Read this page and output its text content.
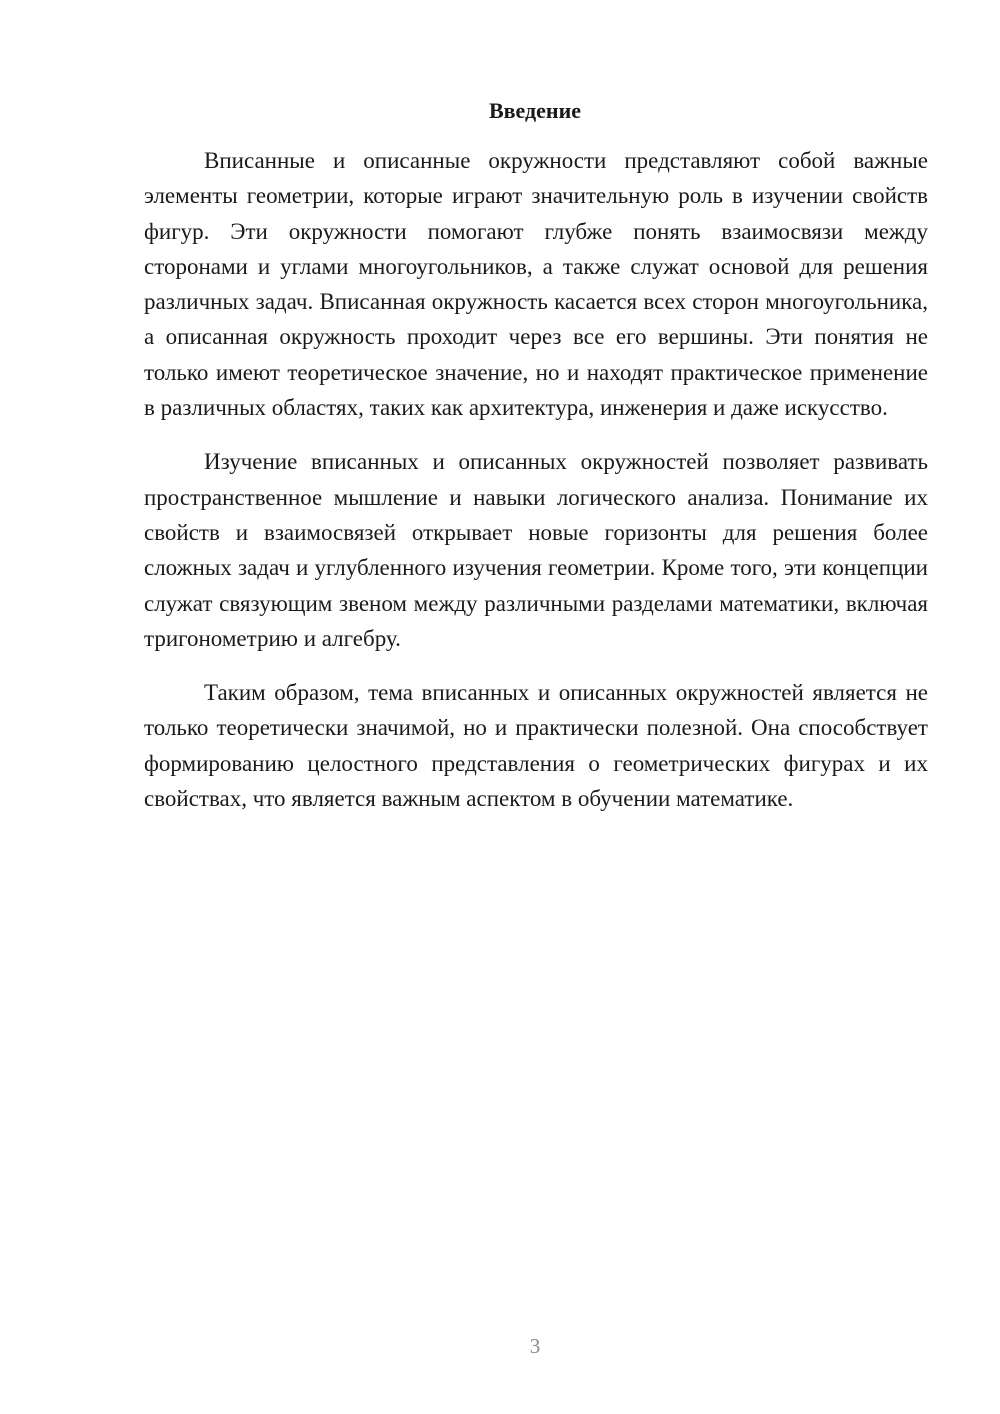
Введение

Вписанные и описанные окружности представляют собой важные элементы геометрии, которые играют значительную роль в изучении свойств фигур. Эти окружности помогают глубже понять взаимосвязи между сторонами и углами многоугольников, а также служат основой для решения различных задач. Вписанная окружность касается всех сторон многоугольника, а описанная окружность проходит через все его вершины. Эти понятия не только имеют теоретическое значение, но и находят практическое применение в различных областях, таких как архитектура, инженерия и даже искусство.

Изучение вписанных и описанных окружностей позволяет развивать пространственное мышление и навыки логического анализа. Понимание их свойств и взаимосвязей открывает новые горизонты для решения более сложных задач и углубленного изучения геометрии. Кроме того, эти концепции служат связующим звеном между различными разделами математики, включая тригонометрию и алгебру.

Таким образом, тема вписанных и описанных окружностей является не только теоретически значимой, но и практически полезной. Она способствует формированию целостного представления о геометрических фигурах и их свойствах, что является важным аспектом в обучении математике.

3
